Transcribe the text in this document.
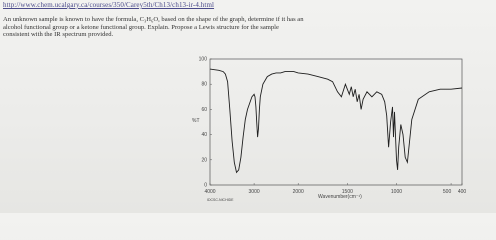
http://www.chem.ucalgary.ca/courses/350/Carey5th/Ch13/ch13-ir-4.html
An unknown sample is known to have the formula, C₃H₆O, based on the shape of the graph, determine if it has an
alcohol functional group or a ketone functional group. Explain. Propose a Lewis structure for the sample
consistent with the IR spectrum provided.
100
80
60
40
20
0
4000	3000	2000	1500	1000	500 400
%T
Wavenumber(cm⁻¹)
IDCSC-NICHIDE
